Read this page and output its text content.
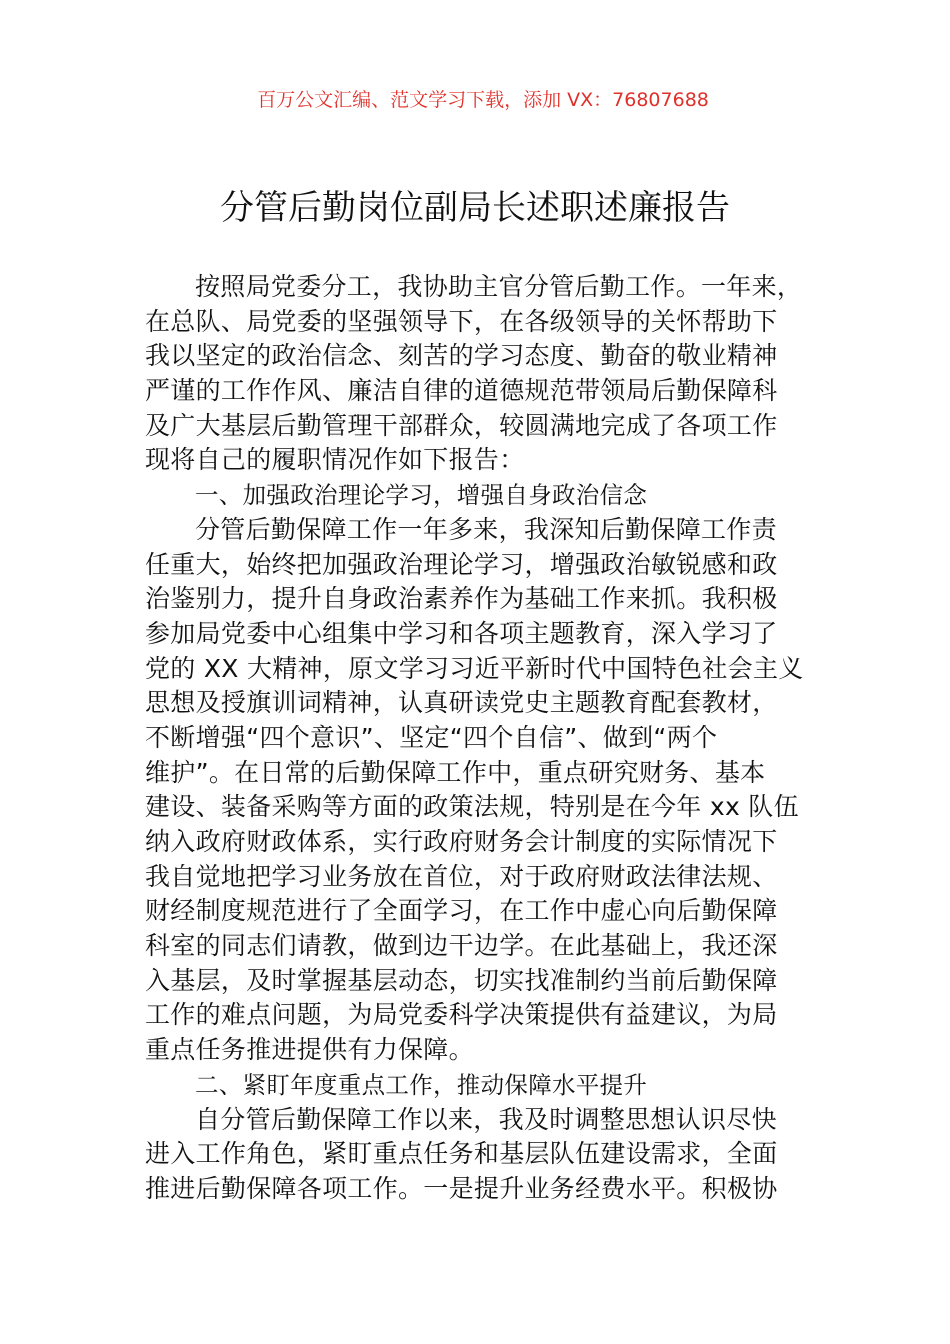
百万公文汇编、范文学习下载，添加 VX：76807688
分管后勤岗位副局长述职述廉报告
按照局党委分工，我协助主官分管后勤工作。一年来，
在总队、局党委的坚强领导下，在各级领导的关怀帮助下
我以坚定的政治信念、刻苦的学习态度、勤奋的敬业精神
严谨的工作作风、廉洁自律的道德规范带领局后勤保障科
及广大基层后勤管理干部群众，较圆满地完成了各项工作
现将自己的履职情况作如下报告：
一、加强政治理论学习，增强自身政治信念
分管后勤保障工作一年多来，我深知后勤保障工作责
任重大，始终把加强政治理论学习，增强政治敏锐感和政
治鉴别力，提升自身政治素养作为基础工作来抓。我积极
参加局党委中心组集中学习和各项主题教育，深入学习了
党的 XX 大精神，原文学习习近平新时代中国特色社会主义
思想及授旗训词精神，认真研读党史主题教育配套教材，
不断增强“四个意识”、坚定“四个自信”、做到“两个
维护”。在日常的后勤保障工作中，重点研究财务、基本
建设、装备采购等方面的政策法规，特别是在今年 xx 队伍
纳入政府财政体系，实行政府财务会计制度的实际情况下
我自觉地把学习业务放在首位，对于政府财政法律法规、
财经制度规范进行了全面学习，在工作中虚心向后勤保障
科室的同志们请教，做到边干边学。在此基础上，我还深
入基层，及时掌握基层动态，切实找准制约当前后勤保障
工作的难点问题，为局党委科学决策提供有益建议，为局
重点任务推进提供有力保障。
二、紧盯年度重点工作，推动保障水平提升
自分管后勤保障工作以来，我及时调整思想认识尽快
进入工作角色，紧盯重点任务和基层队伍建设需求，全面
推进后勤保障各项工作。一是提升业务经费水平。积极协
